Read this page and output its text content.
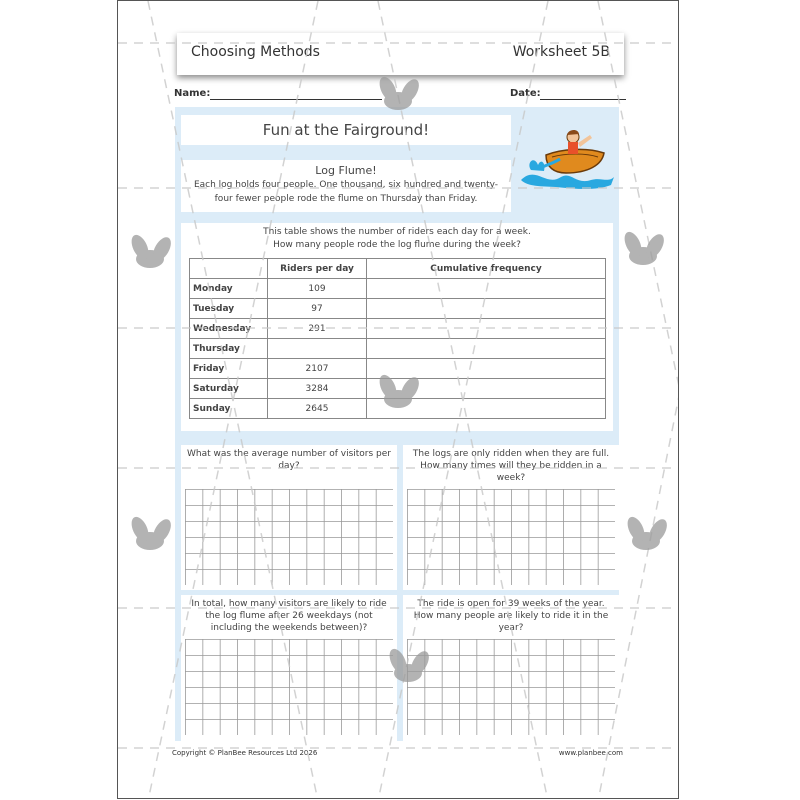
Choosing Methods	Worksheet 5B
Name:	Date:
Fun at the Fairground!
Log Flume!
Each log holds four people. One thousand, six hundred and twenty-
four fewer people rode the flume on Thursday than Friday.
This table shows the number of riders each day for a week.
How many people rode the log flume during the week?
	Riders per day	Cumulative frequency
Monday	109	
Tuesday	97	
Wednesday	291	
Thursday		
Friday	2107	
Saturday	3284	
Sunday	2645	
What was the average number of visitors per
day?
The logs are only ridden when they are full.
How many times will they be ridden in a
week?
In total, how many visitors are likely to ride
the log flume after 26 weekdays (not
including the weekends between)?
The ride is open for 39 weeks of the year.
How many people are likely to ride it in the
year?
Copyright © PlanBee Resources Ltd 2026	www.planbee.com
